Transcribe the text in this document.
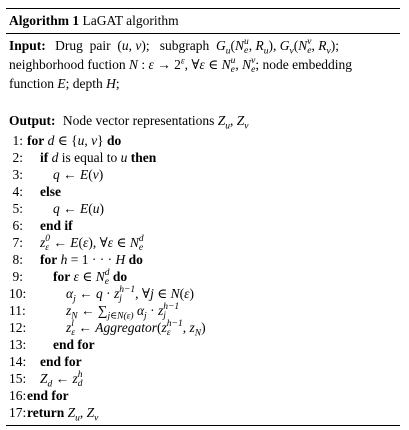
Algorithm 1 LaGAT algorithm
Input: Drug  pair  (u, v);   subgraph  $G_u(N$ u
e , $R_u$), $G_v(N$ v
e , $R_v$);
neighborhood fuction N : $\varepsilon \to 2^\varepsilon$, ∀ε ∈ N u
e , N v
e ; node embedding
function E; depth H;
Output: Node vector representations $Z_u$, $Z_v$
1: for d ∈ {u, v} do
2: if d is equal to u then
3: q ← E(v)
4: else
5: q ← E(u)
6: end if
7: z 0
ε ← E(ε), ∀ε ∈ N d
e
8: for h = 1 · · · H do
9: for ε ∈ N d
e do
10:	$\alpha_j$ ← q · z h−1
j , ∀j ∈ N(ε)
11:	$z_N$ ← $\sum_{j\in N(\varepsilon)}$ $\alpha_j \cdot z$ h−1
j
12:	z l
ε ← Aggregator(z h−1
ε , $z_N$)
13: end for
14: end for
15: $Z_d$ ← z h
d
16:end for
17:return $Z_u$, $Z_v$
